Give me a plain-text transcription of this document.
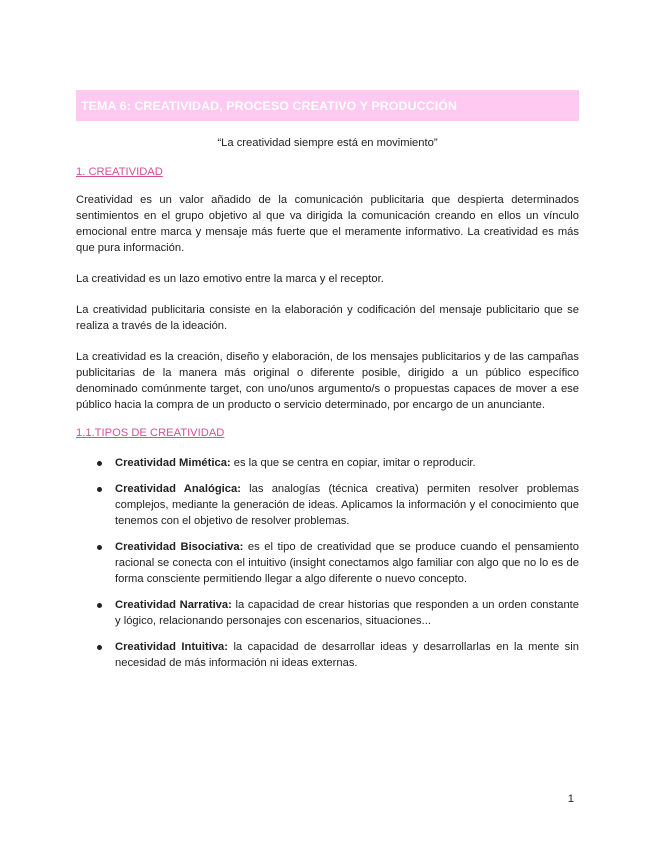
TEMA 6: CREATIVIDAD, PROCESO CREATIVO Y PRODUCCIÓN
“La creatividad siempre está en movimiento”
1. CREATIVIDAD

Creatividad es un valor añadido de la comunicación publicitaria que despierta determinados sentimientos en el grupo objetivo al que va dirigida la comunicación creando en ellos un vínculo emocional entre marca y mensaje más fuerte que el meramente informativo. La creatividad es más que pura información.

La creatividad es un lazo emotivo entre la marca y el receptor.

La creatividad publicitaria consiste en la elaboración y codificación del mensaje publicitario que se realiza a través de la ideación.

La creatividad es la creación, diseño y elaboración, de los mensajes publicitarios y de las campañas publicitarias de la manera más original o diferente posible, dirigido a un público específico denominado comúnmente target, con uno/unos argumento/s o propuestas capaces de mover a ese público hacia la compra de un producto o servicio determinado, por encargo de un anunciante.

1.1.TIPOS DE CREATIVIDAD
Creatividad Mimética: es la que se centra en copiar, imitar o reproducir.
Creatividad Analógica: las analogías (técnica creativa) permiten resolver problemas complejos, mediante la generación de ideas. Aplicamos la información y el conocimiento que tenemos con el objetivo de resolver problemas.
Creatividad Bisociativa: es el tipo de creatividad que se produce cuando el pensamiento racional se conecta con el intuitivo (insight conectamos algo familiar con algo que no lo es de forma consciente permitiendo llegar a algo diferente o nuevo concepto.
Creatividad Narrativa: la capacidad de crear historias que responden a un orden constante y lógico, relacionando personajes con escenarios, situaciones...
Creatividad Intuitiva: la capacidad de desarrollar ideas y desarrollarlas en la mente sin necesidad de más información ni ideas externas.
1
